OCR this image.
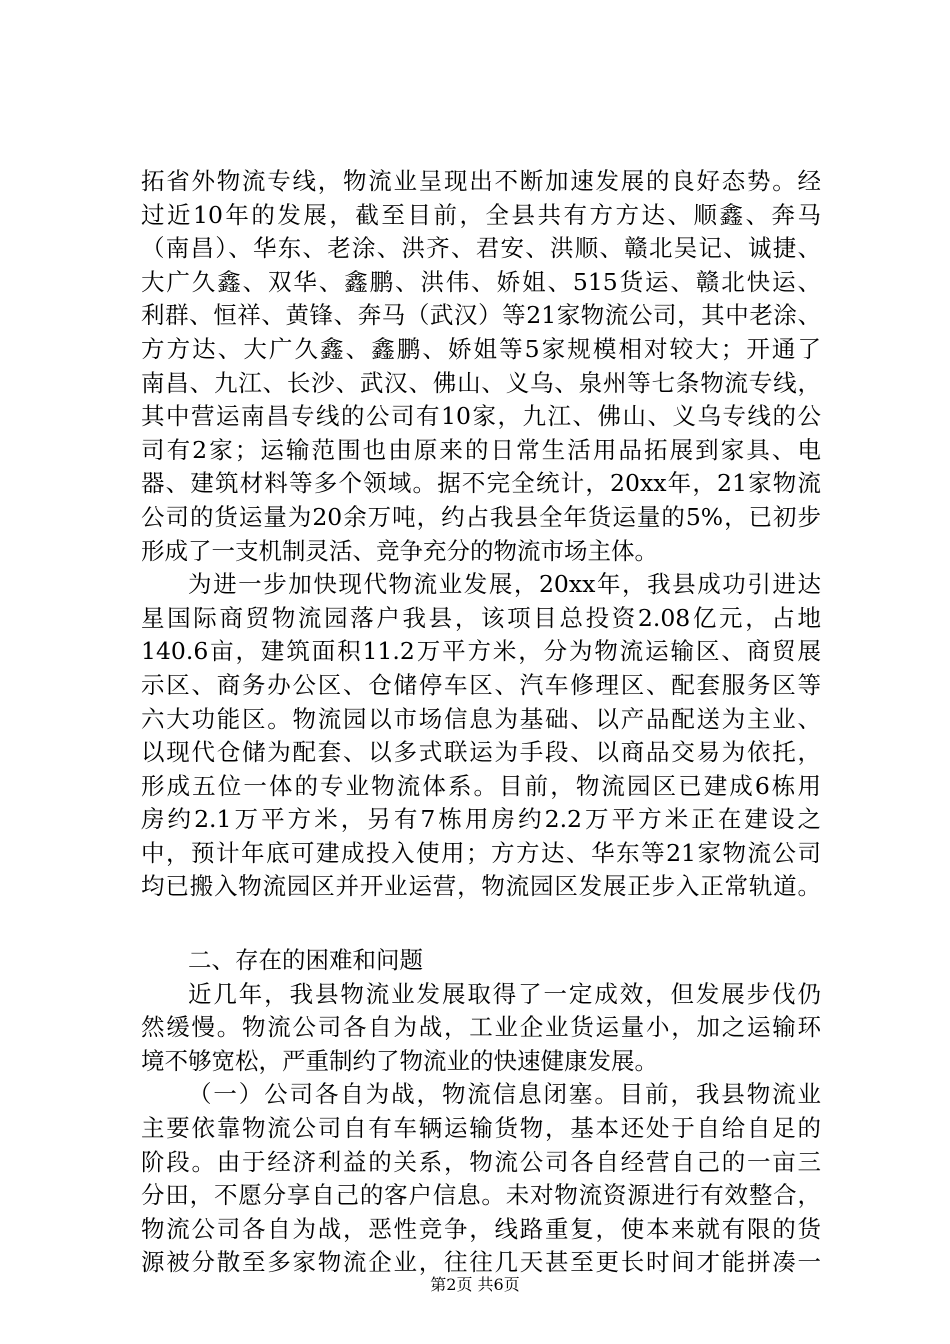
拓省外物流专线，物流业呈现出不断加速发展的良好态势。经
过近10年的发展，截至目前，全县共有方方达、顺鑫、奔马
（南昌）、华东、老涂、洪齐、君安、洪顺、赣北吴记、诚捷、
大广久鑫、双华、鑫鹏、洪伟、娇姐、515货运、赣北快运、
利群、恒祥、黄锋、奔马（武汉）等21家物流公司，其中老涂、
方方达、大广久鑫、鑫鹏、娇姐等5家规模相对较大；开通了
南昌、九江、长沙、武汉、佛山、义乌、泉州等七条物流专线，
其中营运南昌专线的公司有10家，九江、佛山、义乌专线的公
司有2家；运输范围也由原来的日常生活用品拓展到家具、电
器、建筑材料等多个领域。据不完全统计，20xx年，21家物流
公司的货运量为20余万吨，约占我县全年货运量的5%，已初步
形成了一支机制灵活、竞争充分的物流市场主体。
为进一步加快现代物流业发展，20xx年，我县成功引进达
星国际商贸物流园落户我县，该项目总投资2.08亿元，占地
140.6亩，建筑面积11.2万平方米，分为物流运输区、商贸展
示区、商务办公区、仓储停车区、汽车修理区、配套服务区等
六大功能区。物流园以市场信息为基础、以产品配送为主业、
以现代仓储为配套、以多式联运为手段、以商品交易为依托，
形成五位一体的专业物流体系。目前，物流园区已建成6栋用
房约2.1万平方米，另有7栋用房约2.2万平方米正在建设之
中，预计年底可建成投入使用；方方达、华东等21家物流公司
均已搬入物流园区并开业运营，物流园区发展正步入正常轨道。
二、存在的困难和问题
近几年，我县物流业发展取得了一定成效，但发展步伐仍
然缓慢。物流公司各自为战，工业企业货运量小，加之运输环
境不够宽松，严重制约了物流业的快速健康发展。
（一）公司各自为战，物流信息闭塞。目前，我县物流业
主要依靠物流公司自有车辆运输货物，基本还处于自给自足的
阶段。由于经济利益的关系，物流公司各自经营自己的一亩三
分田，不愿分享自己的客户信息。未对物流资源进行有效整合，
物流公司各自为战，恶性竞争，线路重复，使本来就有限的货
源被分散至多家物流企业，往往几天甚至更长时间才能拼凑一
第2页 共6页
